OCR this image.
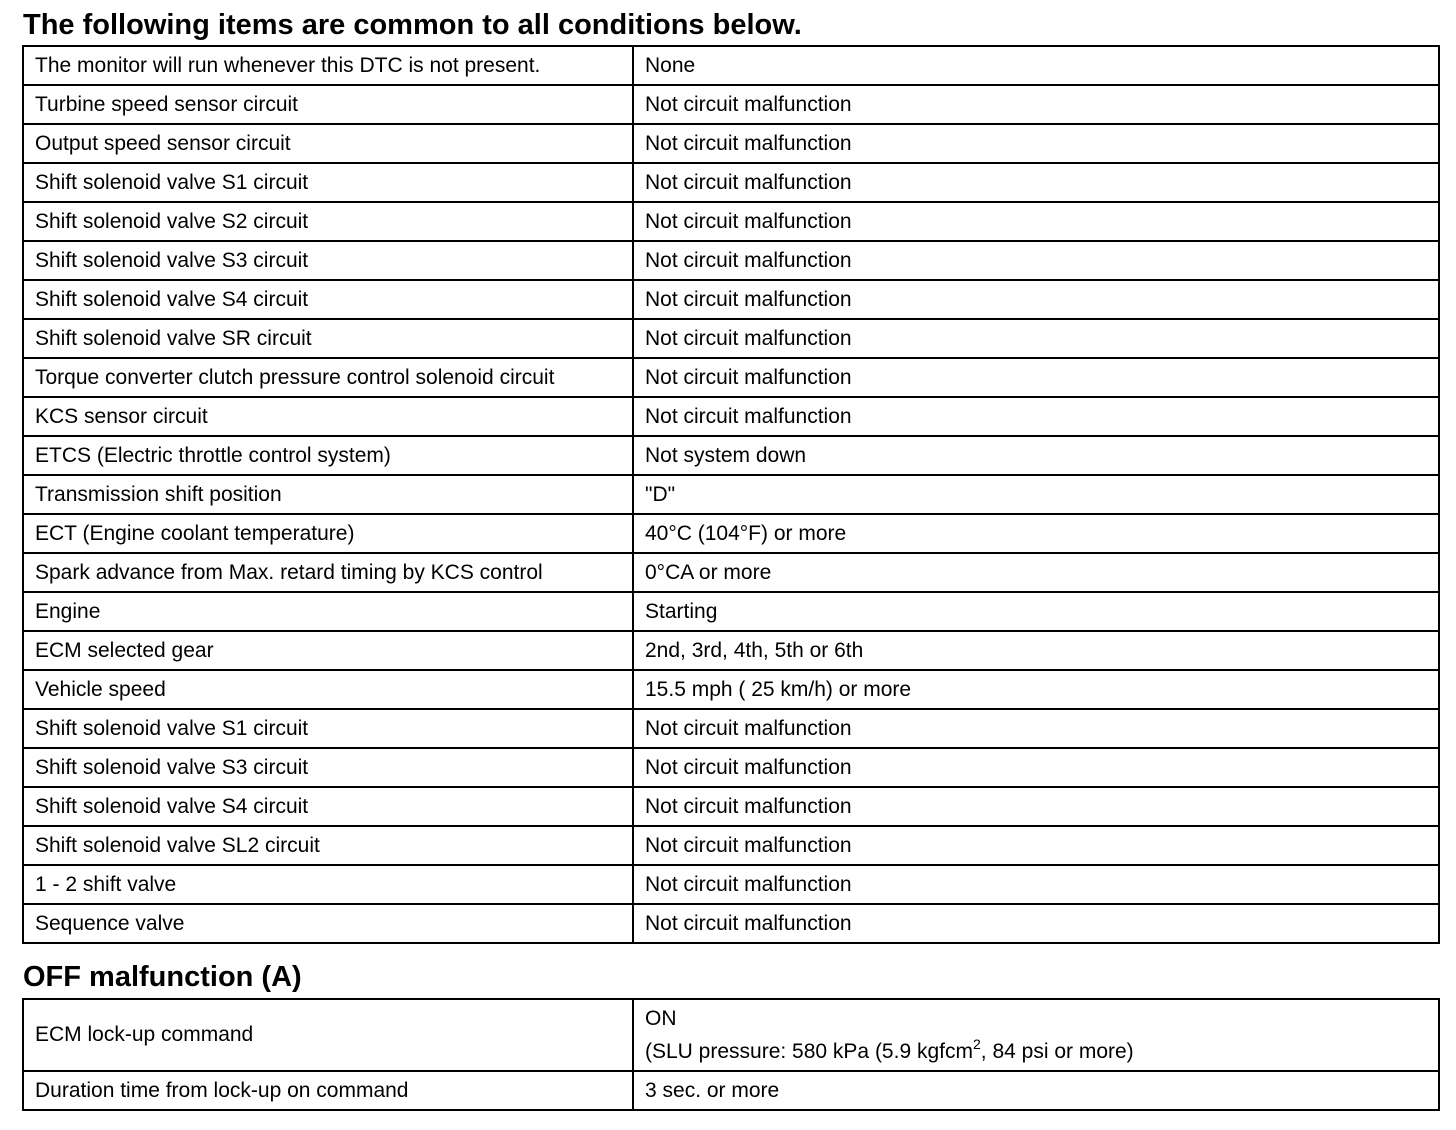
The following items are common to all conditions below.
The monitor will run whenever this DTC is not present.	None
Turbine speed sensor circuit	Not circuit malfunction
Output speed sensor circuit	Not circuit malfunction
Shift solenoid valve S1 circuit	Not circuit malfunction
Shift solenoid valve S2 circuit	Not circuit malfunction
Shift solenoid valve S3 circuit	Not circuit malfunction
Shift solenoid valve S4 circuit	Not circuit malfunction
Shift solenoid valve SR circuit	Not circuit malfunction
Torque converter clutch pressure control solenoid circuit	Not circuit malfunction
KCS sensor circuit	Not circuit malfunction
ETCS (Electric throttle control system)	Not system down
Transmission shift position	"D"
ECT (Engine coolant temperature)	40°C (104°F) or more
Spark advance from Max. retard timing by KCS control	0°CA or more
Engine	Starting
ECM selected gear	2nd, 3rd, 4th, 5th or 6th
Vehicle speed	15.5 mph ( 25 km/h) or more
Shift solenoid valve S1 circuit	Not circuit malfunction
Shift solenoid valve S3 circuit	Not circuit malfunction
Shift solenoid valve S4 circuit	Not circuit malfunction
Shift solenoid valve SL2 circuit	Not circuit malfunction
1 - 2 shift valve	Not circuit malfunction
Sequence valve	Not circuit malfunction
OFF malfunction (A)
ECM lock-up command	ON
(SLU pressure: 580 kPa (5.9 kgfcm$^2$, 84 psi or more)

Duration time from lock-up on command	3 sec. or more
